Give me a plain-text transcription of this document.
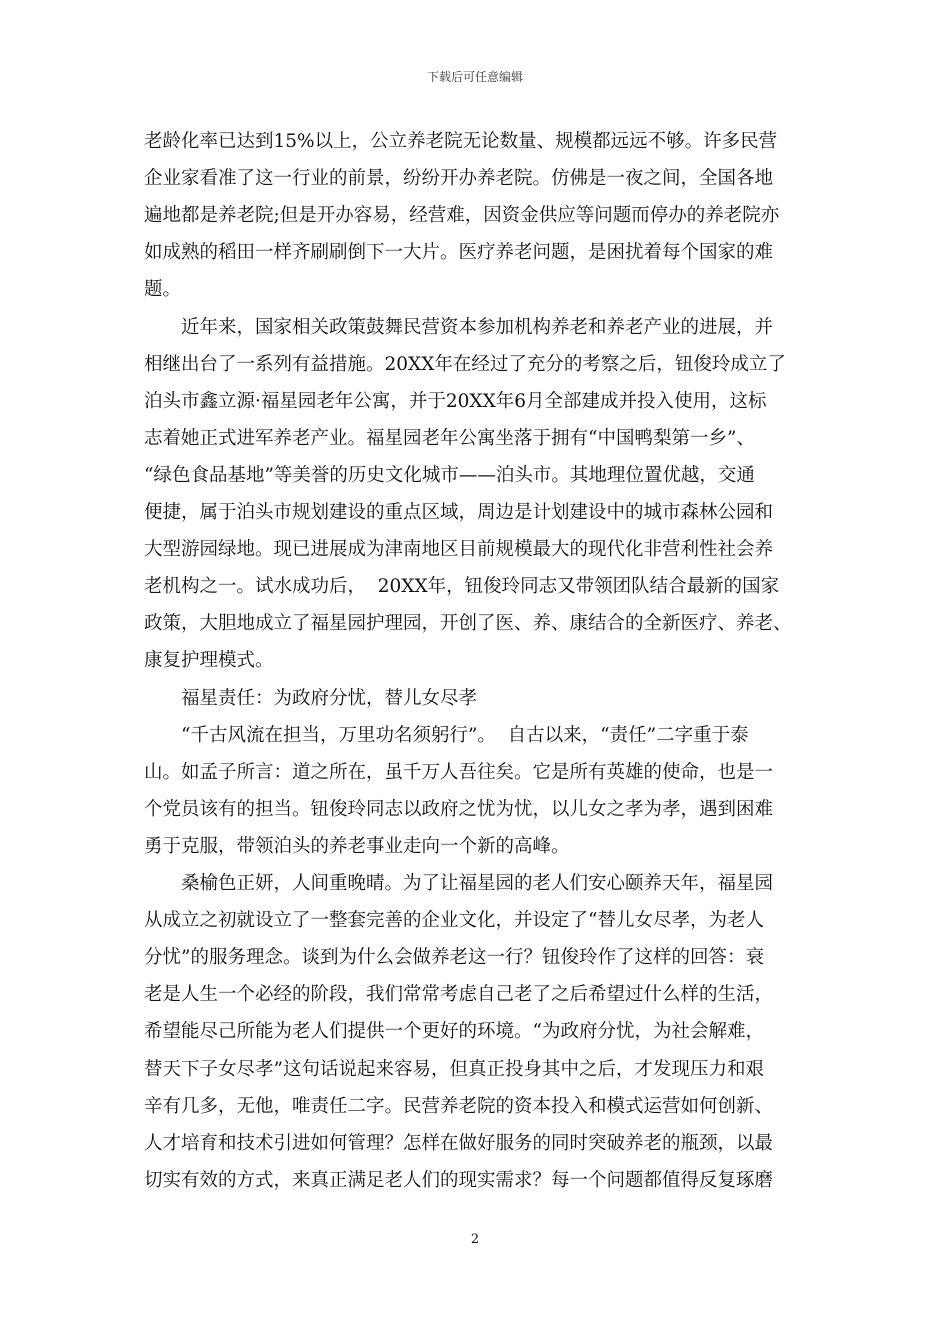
下载后可任意编辑
老龄化率已达到15%以上，公立养老院无论数量、规模都远远不够。许多民营
企业家看准了这一行业的前景，纷纷开办养老院。仿佛是一夜之间，全国各地
遍地都是养老院;但是开办容易，经营难，因资金供应等问题而停办的养老院亦
如成熟的稻田一样齐刷刷倒下一大片。医疗养老问题，是困扰着每个国家的难
题。
　　近年来，国家相关政策鼓舞民营资本参加机构养老和养老产业的进展，并
相继出台了一系列有益措施。20XX年在经过了充分的考察之后，钮俊玲成立了
泊头市鑫立源·福星园老年公寓，并于20XX年6月全部建成并投入使用，这标
志着她正式进军养老产业。福星园老年公寓坐落于拥有“中国鸭梨第一乡”、
“绿色食品基地”等美誉的历史文化城市——泊头市。其地理位置优越，交通
便捷，属于泊头市规划建设的重点区域，周边是计划建设中的城市森林公园和
大型游园绿地。现已进展成为津南地区目前规模最大的现代化非营利性社会养
老机构之一。试水成功后，  20XX年，钮俊玲同志又带领团队结合最新的国家
政策，大胆地成立了福星园护理园，开创了医、养、康结合的全新医疗、养老、
康复护理模式。
　　福星责任：为政府分忧，替儿女尽孝
　　“千古风流在担当，万里功名须躬行”。  自古以来，“责任”二字重于泰
山。如孟子所言：道之所在，虽千万人吾往矣。它是所有英雄的使命，也是一
个党员该有的担当。钮俊玲同志以政府之忧为忧，以儿女之孝为孝，遇到困难
勇于克服，带领泊头的养老事业走向一个新的高峰。
　　桑榆色正妍，人间重晚晴。为了让福星园的老人们安心颐养天年，福星园
从成立之初就设立了一整套完善的企业文化，并设定了“替儿女尽孝，为老人
分忧”的服务理念。谈到为什么会做养老这一行？钮俊玲作了这样的回答：衰
老是人生一个必经的阶段，我们常常考虑自己老了之后希望过什么样的生活，
希望能尽己所能为老人们提供一个更好的环境。“为政府分忧，为社会解难，
替天下子女尽孝”这句话说起来容易，但真正投身其中之后，才发现压力和艰
辛有几多，无他，唯责任二字。民营养老院的资本投入和模式运营如何创新、
人才培育和技术引进如何管理？怎样在做好服务的同时突破养老的瓶颈，以最
切实有效的方式，来真正满足老人们的现实需求？每一个问题都值得反复琢磨
2
